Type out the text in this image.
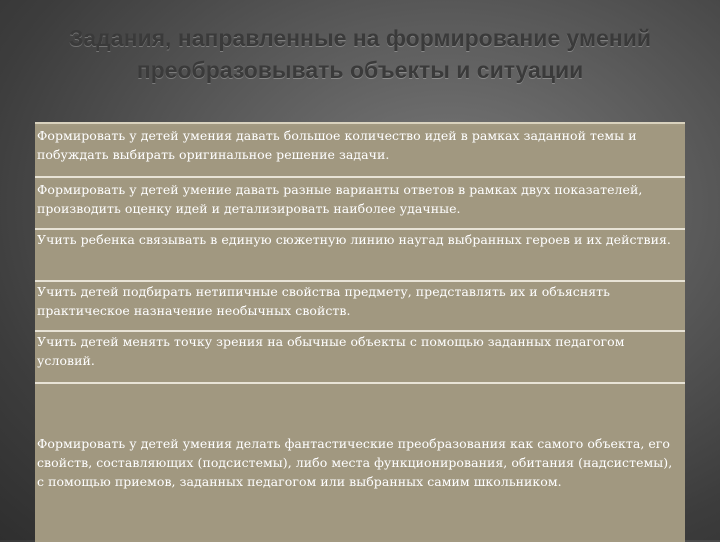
Задания, направленные на формирование умений преобразовывать объекты и ситуации
Формировать у детей умения давать большое количество идей в рамках заданной темы и побуждать выбирать оригинальное решение задачи.
Формировать у детей умение давать разные варианты ответов в рамках двух показателей, производить оценку идей и детализировать наиболее удачные.
Учить ребенка связывать в единую сюжетную линию наугад выбранных героев и их действия.
Учить детей подбирать нетипичные свойства предмету, представлять их и объяснять практическое назначение необычных свойств.
Учить детей менять точку зрения на обычные объекты с помощью заданных педагогом условий.
Формировать у детей умения делать фантастические преобразования как самого объекта, его свойств, составляющих (подсистемы), либо места функционирования, обитания (надсистемы), с помощью приемов, заданных педагогом или выбранных самим школьником.
